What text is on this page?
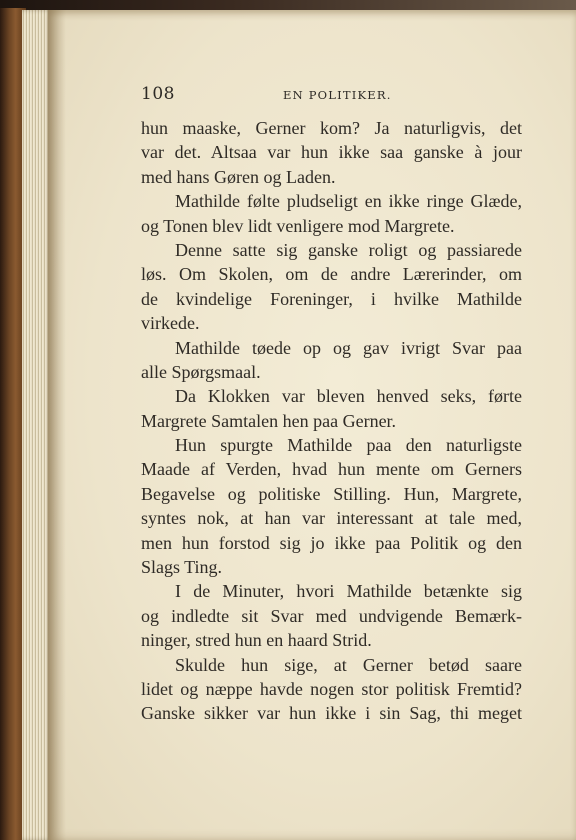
108	EN POLITIKER.
hun maaske, Gerner kom? Ja naturligvis, det
var det. Altsaa var hun ikke saa ganske à jour
med hans Gøren og Laden.
Mathilde følte pludseligt en ikke ringe Glæde,
og Tonen blev lidt venligere mod Margrete.
Denne satte sig ganske roligt og passiarede
løs. Om Skolen, om de andre Lærerinder, om
de kvindelige Foreninger, i hvilke Mathilde
virkede.
Mathilde tøede op og gav ivrigt Svar paa
alle Spørgsmaal.
Da Klokken var bleven henved seks, førte
Margrete Samtalen hen paa Gerner.
Hun spurgte Mathilde paa den naturligste
Maade af Verden, hvad hun mente om Gerners
Begavelse og politiske Stilling. Hun, Margrete,
syntes nok, at han var interessant at tale med,
men hun forstod sig jo ikke paa Politik og den
Slags Ting.
I de Minuter, hvori Mathilde betænkte sig
og indledte sit Svar med undvigende Bemærk-
ninger, stred hun en haard Strid.
Skulde hun sige, at Gerner betød saare
lidet og næppe havde nogen stor politisk Fremtid?
Ganske sikker var hun ikke i sin Sag, thi meget
